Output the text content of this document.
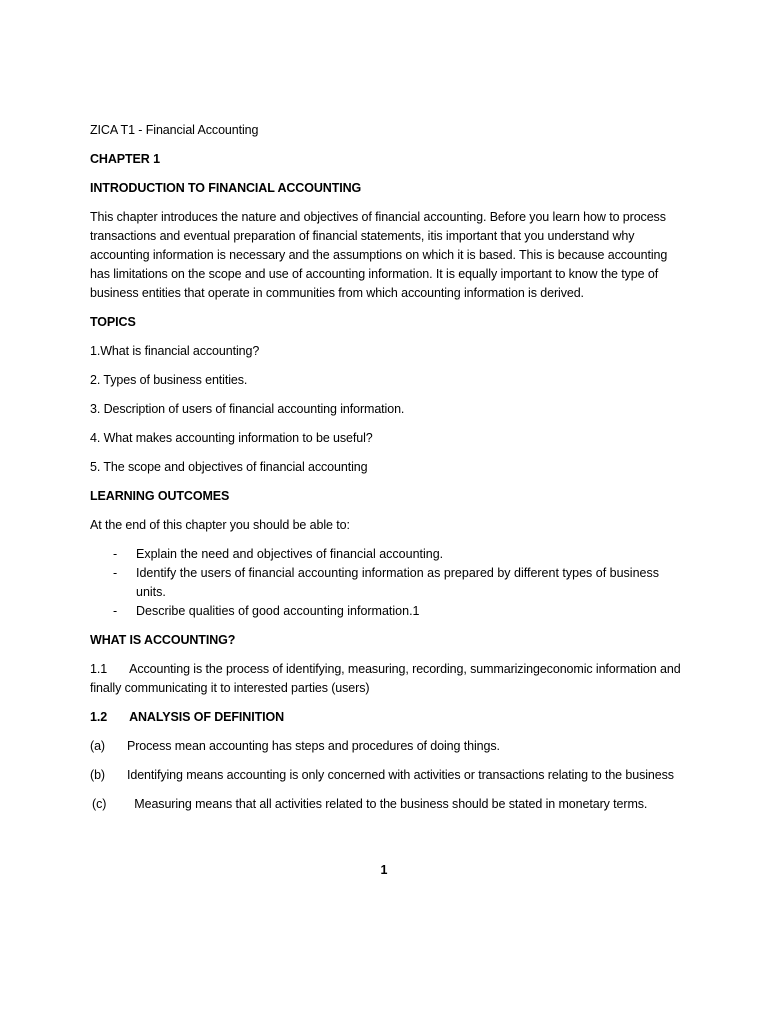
ZICA T1 - Financial Accounting

CHAPTER 1

INTRODUCTION TO FINANCIAL ACCOUNTING

This chapter introduces the nature and objectives of financial accounting. Before you learn how to process transactions and eventual preparation of financial statements, itis important that you understand why accounting information is necessary and the assumptions on which it is based. This is because accounting has limitations on the scope and use of accounting information. It is equally important to know the type of business entities that operate in communities from which accounting information is derived.

TOPICS

1.What is financial accounting?

2. Types of business entities.

3. Description of users of financial accounting information.

4. What makes accounting information to be useful?

5. The scope and objectives of financial accounting

LEARNING OUTCOMES

At the end of this chapter you should be able to:

- Explain the need and objectives of financial accounting.
- Identify the users of financial accounting information as prepared by different types of business units.
- Describe qualities of good accounting information.1

WHAT IS ACCOUNTING?

1.1 Accounting is the process of identifying, measuring, recording, summarizingeconomic information and finally communicating it to interested parties (users)

1.2 ANALYSIS OF DEFINITION

(a) Process mean accounting has steps and procedures of doing things.

(b) Identifying means accounting is only concerned with activities or transactions relating to the business

(c) Measuring means that all activities related to the business should be stated in monetary terms.

1
